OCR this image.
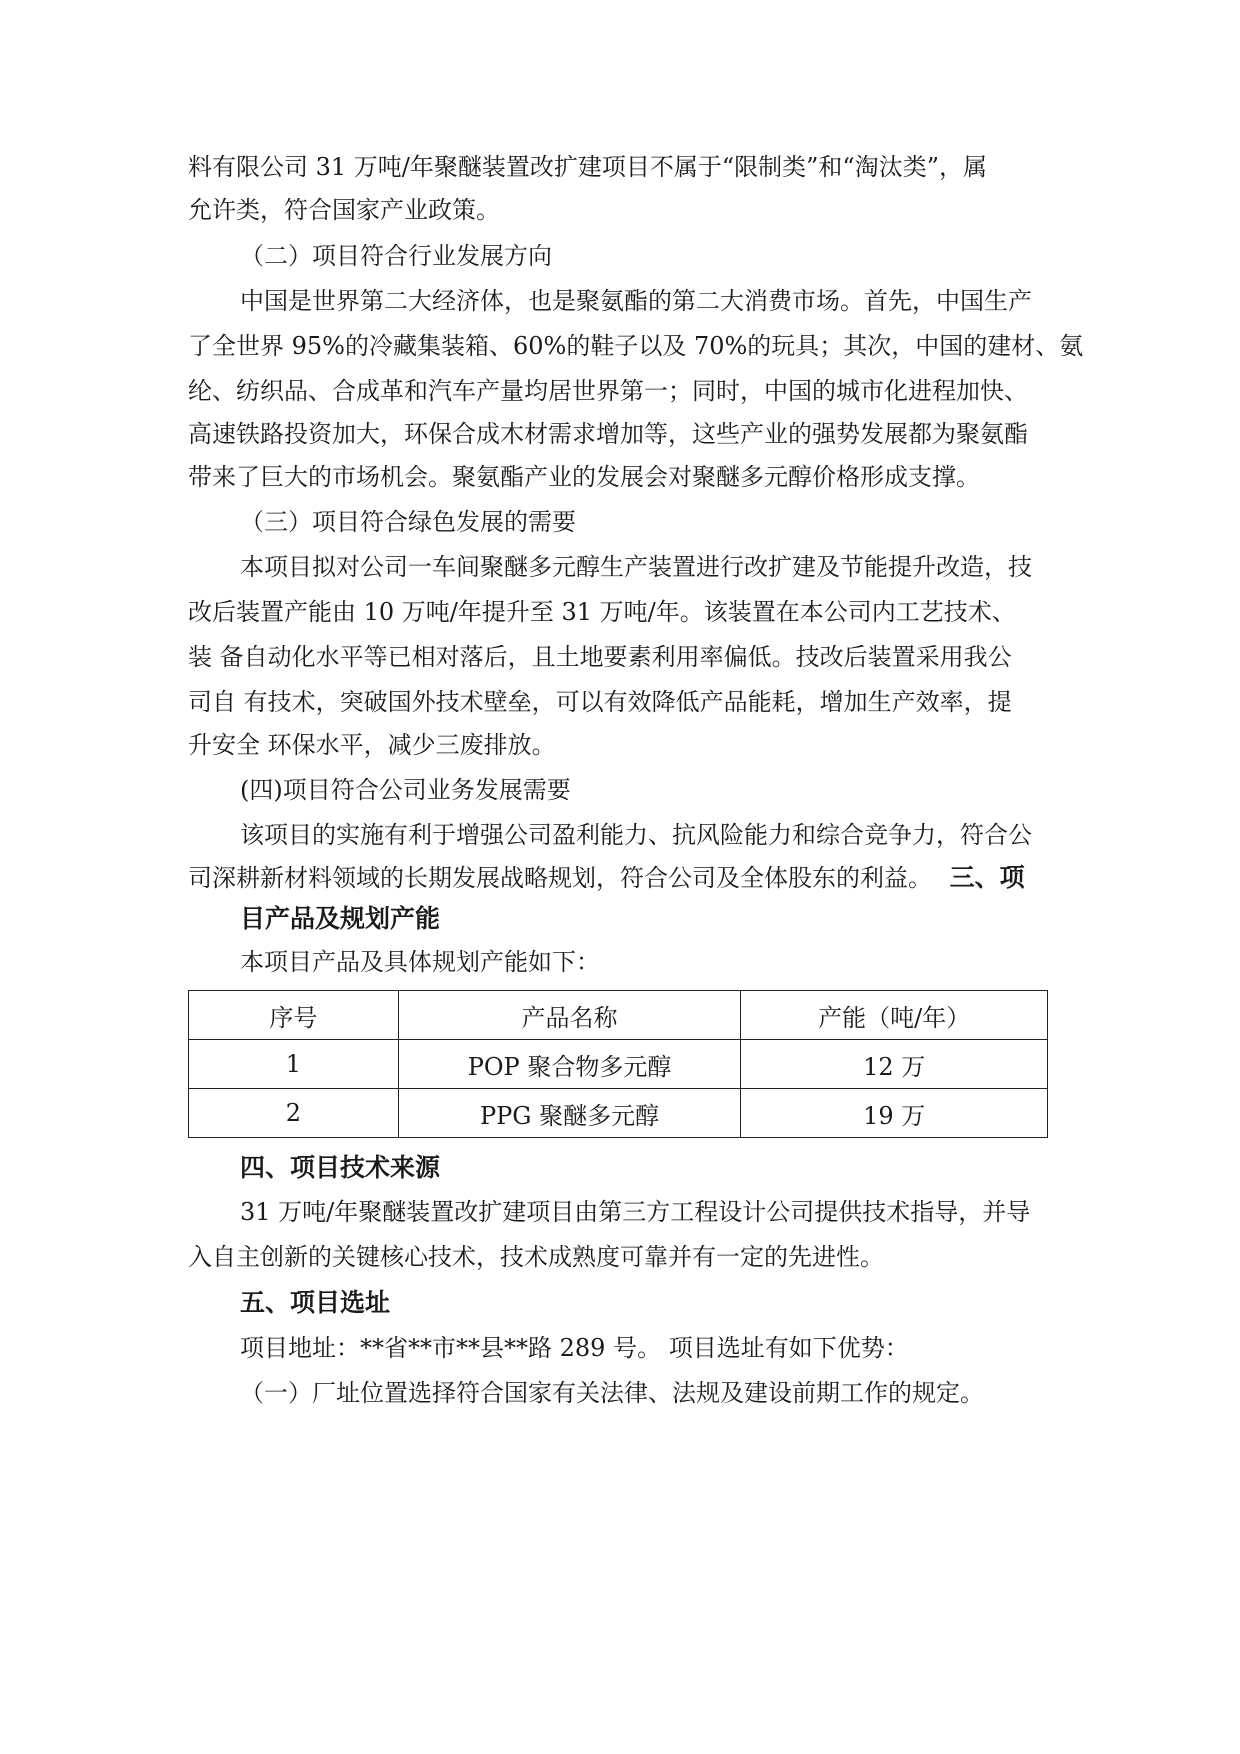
料有限公司 31 万吨/年聚醚装置改扩建项目不属于“限制类”和“淘汰类”，属
允许类，符合国家产业政策。
（二）项目符合行业发展方向
中国是世界第二大经济体，也是聚氨酯的第二大消费市场。首先，中国生产
了全世界 95%的冷藏集装箱、60%的鞋子以及 70%的玩具；其次，中国的建材、氨
纶、纺织品、合成革和汽车产量均居世界第一；同时，中国的城市化进程加快、
高速铁路投资加大，环保合成木材需求增加等，这些产业的强势发展都为聚氨酯
带来了巨大的市场机会。聚氨酯产业的发展会对聚醚多元醇价格形成支撑。
（三）项目符合绿色发展的需要
本项目拟对公司一车间聚醚多元醇生产装置进行改扩建及节能提升改造，技
改后装置产能由 10 万吨/年提升至 31 万吨/年。该装置在本公司内工艺技术、
装 备自动化水平等已相对落后，且土地要素利用率偏低。技改后装置采用我公
司自 有技术，突破国外技术壁垒，可以有效降低产品能耗，增加生产效率，提
升安全 环保水平，减少三废排放。
(四)项目符合公司业务发展需要
该项目的实施有利于增强公司盈利能力、抗风险能力和综合竞争力，符合公
司深耕新材料领域的长期发展战略规划，符合公司及全体股东的利益。 三、项
目产品及规划产能
本项目产品及具体规划产能如下：
序号	产品名称	产能（吨/年）
1	POP 聚合物多元醇	12 万
2	PPG 聚醚多元醇	19 万
四、项目技术来源
31 万吨/年聚醚装置改扩建项目由第三方工程设计公司提供技术指导，并导
入自主创新的关键核心技术，技术成熟度可靠并有一定的先进性。
五、项目选址
项目地址：**省**市**县**路 289 号。 项目选址有如下优势：
（一）厂址位置选择符合国家有关法律、法规及建设前期工作的规定。
